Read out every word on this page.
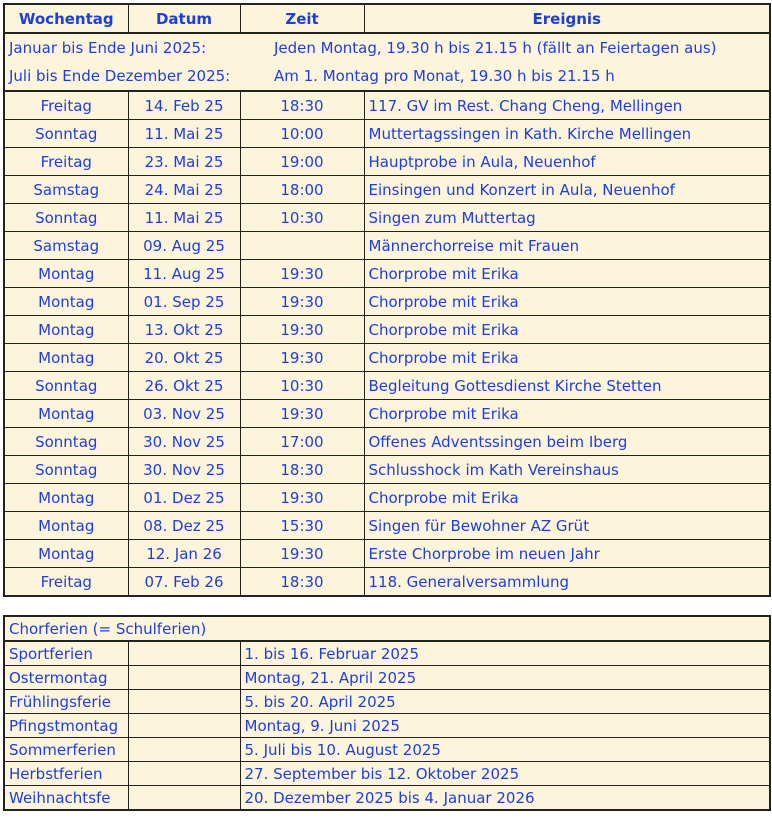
Wochentag	Datum	Zeit	Ereignis
Januar bis Ende Juni 2025: Jeden Montag, 19.30 h bis 21.15 h (fällt an Feiertagen aus)			
Juli bis Ende Dezember 2025: Am 1. Montag pro Monat, 19.30 h bis 21.15 h			
Freitag	14. Feb 25	18:30	117. GV im Rest. Chang Cheng, Mellingen
Sonntag	11. Mai 25	10:00	Muttertagssingen in Kath. Kirche Mellingen
Freitag	23. Mai 25	19:00	Hauptprobe in Aula, Neuenhof
Samstag	24. Mai 25	18:00	Einsingen und Konzert in Aula, Neuenhof
Sonntag	11. Mai 25	10:30	Singen zum Muttertag
Samstag	09. Aug 25		Männerchorreise mit Frauen
Montag	11. Aug 25	19:30	Chorprobe mit Erika
Montag	01. Sep 25	19:30	Chorprobe mit Erika
Montag	13. Okt 25	19:30	Chorprobe mit Erika
Montag	20. Okt 25	19:30	Chorprobe mit Erika
Sonntag	26. Okt 25	10:30	Begleitung Gottesdienst Kirche Stetten
Montag	03. Nov 25	19:30	Chorprobe mit Erika
Sonntag	30. Nov 25	17:00	Offenes Adventssingen beim Iberg
Sonntag	30. Nov 25	18:30	Schlusshock im Kath Vereinshaus
Montag	01. Dez 25	19:30	Chorprobe mit Erika
Montag	08. Dez 25	15:30	Singen für Bewohner AZ Grüt
Montag	12. Jan 26	19:30	Erste Chorprobe im neuen Jahr
Freitag	07. Feb 26	18:30	118. Generalversammlung
Chorferien (= Schulferien)		
Sportferien		1. bis 16. Februar 2025
Ostermontag		Montag, 21. April 2025
Frühlingsferie		5. bis 20. April 2025
Pfingstmontag		Montag, 9. Juni 2025
Sommerferien		5. Juli bis 10. August 2025
Herbstferien		27. September bis 12. Oktober 2025
Weihnachtsfe		20. Dezember 2025 bis 4. Januar 2026
